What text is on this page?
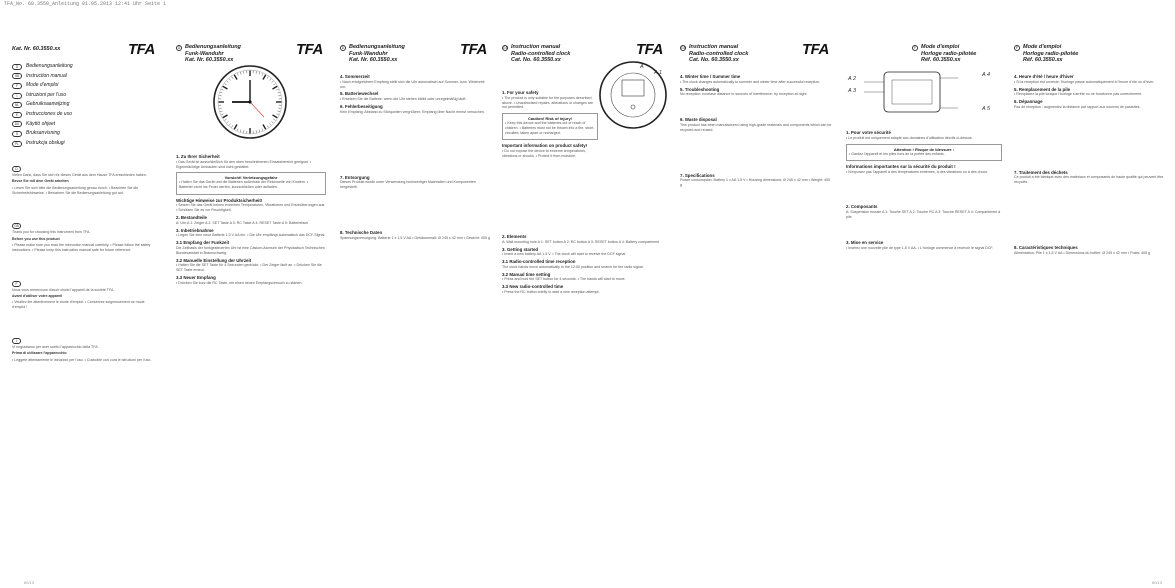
TFA_No. 60.3550_Anleitung 01.05.2013 12:41 Uhr Seite 1
TFA
Kat. Nr. 60.3550.xx
D	Bedienungsanleitung
GB	Instruction manual
F	Mode d'emploi
I	Istruzioni per l'uso
NL	Gebruiksaanwijzing
E	Instrucciones de uso
DK	Käyttö ohjeet
S	Bruksanvisning
PL	Instrukcja obsługi
D

Vielen Dank, dass Sie sich für dieses Gerät aus dem Hause TFA entschieden haben.

Bevor Sie mit dem Gerät arbeiten

• Lesen Sie sich bitte die Bedienungsanleitung genau durch. • Beachten Sie die Sicherheitshinweise. • Bewahren Sie die Bedienungsanleitung gut auf.

GB

Thank you for choosing this instrument from TFA.

Before you use this product

• Please make sure you read the instruction manual carefully. • Please follow the safety instructions. • Please keep this instruction manual safe for future reference.

F

Nous vous remercions d'avoir choisi l'appareil de la société TFA.

Avant d'utiliser votre appareil

• Veuillez lire attentivement le mode d'emploi. • Conservez soigneusement ce mode d'emploi !

I

Vi ringraziamo per aver scelto l'apparecchio della TFA.

Prima di utilizzare l'apparecchio

• Leggete attentamente le istruzioni per l'uso. • Custodite con cura le istruzioni per l'uso.

60/13
D Bedienungsanleitung
Funk-Wanduhr
Kat. Nr. 60.3550.xx
TFA
1. Zu Ihrer Sicherheit

• Das Gerät ist ausschließlich für den oben beschriebenen Einsatzbereich geeignet. • Eigenmächtige Umbauten sind nicht gestattet.

Vorsicht! Verletzungsgefahr

• Halten Sie das Gerät und die Batterien außerhalb der Reichweite von Kindern. • Batterien nicht ins Feuer werfen, kurzschließen oder aufladen.

Wichtige Hinweise zur Produktsicherheit!

• Setzen Sie das Gerät keinen extremen Temperaturen, Vibrationen und Erschütterungen aus. • Schützen Sie es vor Feuchtigkeit.

2. Bestandteile

A: Uhr A 1: Zeiger A 2: SET Taste A 3: RC Taste A 4: RESET Taste A 5: Batteriefach

3. Inbetriebnahme

• Legen Sie eine neue Batterie 1,5 V AA ein. • Die Uhr empfängt automatisch das DCF-Signal.

3.1 Empfang der Funkzeit

Die Zeitbasis der funkgesteuerten Uhr ist eine Cäsium-Atomuhr der Physikalisch Technischen Bundesanstalt in Braunschweig.

3.2 Manuelle Einstellung der Uhrzeit

• Halten Sie die SET Taste für 4 Sekunden gedrückt. • Der Zeiger läuft an. • Drücken Sie die SET Taste erneut.

3.3 Neuer Empfang

• Drücken Sie kurz die RC Taste, um einen neuen Empfangsversuch zu starten.

D Bedienungsanleitung
Funk-Wanduhr
Kat. Nr. 60.3550.xx
TFA
4. Sommerzeit

• Nach erfolgreichem Empfang stellt sich die Uhr automatisch auf Sommer- bzw. Winterzeit um.

5. Batteriewechsel

• Ersetzen Sie die Batterie, wenn die Uhr stehen bleibt oder unregelmäßig läuft.

6. Fehlerbeseitigung

Kein Empfang: Abstand zu Störquellen vergrößern; Empfang über Nacht erneut versuchen.

7. Entsorgung

Dieses Produkt wurde unter Verwendung hochwertiger Materialien und Komponenten hergestellt.

8. Technische Daten

Spannungsversorgung: Batterie 1 x 1,5 V AA • Gehäusemaß: Ø 245 x 42 mm • Gewicht: 405 g

GB Instruction manual
Radio-controlled clock
Cat. No. 60.3550.xx
TFA
A
A 1
1. For your safety

• The product is only suitable for the purposes described above. • Unauthorised repairs, alterations or changes are not permitted.

Caution! Risk of injury!

• Keep this device and the batteries out of reach of children. • Batteries must not be thrown into a fire, short-circuited, taken apart or recharged.

Important information on product safety!

• Do not expose the device to extreme temperatures, vibrations or shocks. • Protect it from moisture.

2. Elements

A: Wall mounting hole A 1: SET button A 2: RC button A 3: RESET button A 4: Battery compartment

3. Getting started

• Insert a new battery AA 1.5 V. • The clock will start to receive the DCF signal.

3.1 Radio-controlled time reception

The clock hands move automatically to the 12:00 position and search for the radio signal.

3.2 Manual time setting

• Press and hold the SET button for 4 seconds. • The hands will start to move.

3.3 New radio-controlled time

• Press the RC button briefly to start a new reception attempt.

GB Instruction manual
Radio-controlled clock
Cat. No. 60.3550.xx
TFA
4. Winter time / Summer time

• The clock changes automatically to summer and winter time after successful reception.

5. Troubleshooting

No reception: increase distance to sources of interference; try reception at night.

6. Waste disposal

This product has been manufactured using high-grade materials and components which can be recycled and reused.

7. Specifications

Power consumption: Battery 1 x AA 1.5 V • Housing dimensions: Ø 245 x 42 mm • Weight: 405 g

F Mode d'emploi
Horloge radio-pilotée
Réf. 60.3550.xx
A 2
A 3
A 4
A 5
1. Pour votre sécurité

• Le produit est uniquement adapté aux domaines d'utilisation décrits ci-dessus.

Attention ! Risque de blessure :

• Gardez l'appareil et les piles hors de la portée des enfants.

Informations importantes sur la sécurité du produit !

• N'exposez pas l'appareil à des températures extrêmes, à des vibrations ou à des chocs.

2. Composants

A: Suspension murale A 1: Touche SET A 2: Touche RC A 3: Touche RESET A 4: Compartiment à pile

3. Mise en service

• Insérez une nouvelle pile de type 1,5 V AA. • L'horloge commence à recevoir le signal DCF.

F Mode d'emploi
Horloge radio-pilotée
Réf. 60.3550.xx
4. Heure d'été / heure d'hiver

• Si la réception est correcte, l'horloge passe automatiquement à l'heure d'été ou d'hiver.

5. Remplacement de la pile

• Remplacez la pile lorsque l'horloge s'arrête ou ne fonctionne pas correctement.

6. Dépannage

Pas de réception : augmentez la distance par rapport aux sources de parasites.

7. Traitement des déchets

Ce produit a été fabriqué avec des matériaux et composants de haute qualité qui peuvent être recyclés.

8. Caractéristiques techniques

Alimentation: Pile 1 x 1,5 V AA • Dimensions du boîtier: Ø 245 x 42 mm • Poids: 405 g

60/13
